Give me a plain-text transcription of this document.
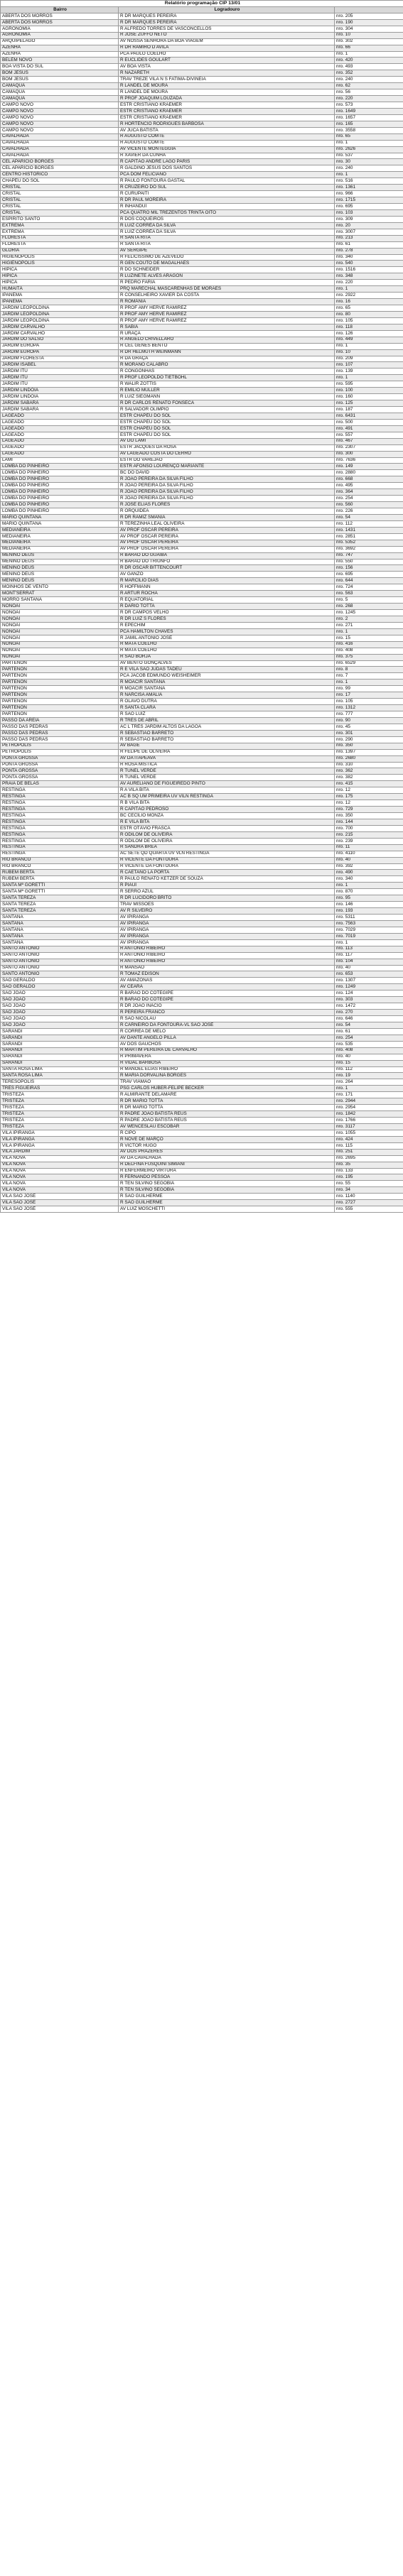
Relatório programação CIP 13/01		
Bairro	Logradouro	
ABERTA DOS MORROS	R DR MARQUES PEREIRA	nro. 205
ABERTA DOS MORROS	R DR MARQUES PEREIRA	nro. 190
AGRONOMIA	R ALFREDO TORRES DE VASCONCELLOS	nro. 304
AGRONOMIA	R JOSÉ ZUFFO NETO	nro. 10
ARQUIPÉLAGO	AV NOSSA SENHORA DA BOA VIAGEM	nro. 302
AZENHA	R DR RAMIRO D AVILA	nro. 66
AZENHA	PCA PAULO COELHO	nro. 1
BELÉM NOVO	R EUCLIDES GOULART	nro. 420
BOA VISTA DO SUL	AV BOA VISTA	nro. 493
BOM JESUS	R NAZARETH	nro. 352
BOM JESUS	TRAV TREZE VILA N S FATIMA-DIVINEIA	nro. 240
CAMAQUÃ	R LANDEL DE MOURA	nro. 62
CAMAQUÃ	R LANDEL DE MOURA	nro. 56
CAMAQUÃ	R PROF JOAQUIM LOUZADA	nro. 220
CAMPO NOVO	ESTR CRISTIANO KRAEMER	nro. 573
CAMPO NOVO	ESTR CRISTIANO KRAEMER	nro. 1649
CAMPO NOVO	ESTR CRISTIANO KRAEMER	nro. 1657
CAMPO NOVO	R HORTÊNCIO RODRIGUES BARBOSA	nro. 165
CAMPO NOVO	AV JUCA BATISTA	nro. 3558
CAVALHADA	R AUGUSTO COMTE	nro. 65
CAVALHADA	R AUGUSTO COMTE	nro. 1
CAVALHADA	AV VICENTE MONTEGGIA	nro. 2626
CAVALHADA	R XAVIER DA CUNHA	nro. 537
CEL APARÍCIO BORGES	R CAPITÃO ANDRÉ LAGO PARIS	nro. 30
CEL APARÍCIO BORGES	R GALDINO JESUS DOS SANTOS	nro. 240
CENTRO HISTÓRICO	PCA DOM FELICIANO	nro. 1
CHAPÉU DO SOL	R PAULO FONTOURA GASTAL	nro. 516
CRISTAL	R CRUZEIRO DO SUL	nro. 1361
CRISTAL	R CURUPAITI	nro. 966
CRISTAL	R DR PAUL MOREIRA	nro. 1715
CRISTAL	R INHANDUÍ	nro. 695
CRISTAL	PCA QUATRO MIL TREZENTOS TRINTA OITO	nro. 103
ESPÍRITO SANTO	R DOS COQUEIROS	nro. 309
EXTREMA	R LUIZ CORRÊA DA SILVA	nro. 20
EXTREMA	R LUIZ CORRÊA DA SILVA	nro. 3007
FLORESTA	R SANTA RITA	nro. 213
FLORESTA	R SANTA RITA	nro. 61
GLÓRIA	AV SERGIPE	nro. 278
HIGIENÓPOLIS	R FELICÍSSIMO DE AZEVEDO	nro. 340
HIGIENÓPOLIS	R GEN COUTO DE MAGALHÃES	nro. 540
HÍPICA	R DO SCHNEIDER	nro. 1516
HÍPICA	R LUZINETE ALVES ARAGON	nro. 348
HÍPICA	R PEDRO FARIA	nro. 220
HUMAITÁ	PRQ MARECHAL MASCARENHAS DE MORAES	nro. 1
IPANEMA	R CONSELHEIRO XAVIER DA COSTA	nro. 2922
IPANEMA	R ROMÂNIA	nro. 16
JARDIM LEOPOLDINA	R PROF AMY HERVÉ RAMIREZ	nro. 65
JARDIM LEOPOLDINA	R PROF AMY HERVÉ RAMIREZ	nro. 80
JARDIM LEOPOLDINA	R PROF AMY HERVÉ RAMIREZ	nro. 105
JARDIM CARVALHO	R SABIÁ	nro. 118
JARDIM CARVALHO	R URAÇA	nro. 126
JARDIM DO SALSO	R ÂNGELO CRIVELLARO	nro. 449
JARDIM EUROPA	R CEL GENES BENTO	nro. 1
JARDIM EUROPA	R DR HELMUTH WEINMANN	nro. 10
JARDIM FLORESTA	R DA GRAÇA	nro. 209
JARDIM ISABEL	R MORANO CALABRO	nro. 107
JARDIM ITU	R CONGONHAS	nro. 139
JARDIM ITU	R PROF LEOPOLDO TIETBOHL	nro. 1
JARDIM ITU	R WALIR ZOTTIS	nro. 595
JARDIM LINDÓIA	R EMÍLIO MÜLLER	nro. 100
JARDIM LINDÓIA	R LUIZ SIEGMANN	nro. 160
JARDIM SABARÁ	R DR CARLOS RENATO FONSECA	nro. 125
JARDIM SABARÁ	R SALVADOR OLIMPIO	nro. 187
LAGEADO	ESTR CHAPÉU DO SOL	nro. 6431
LAGEADO	ESTR CHAPÉU DO SOL	nro. 500
LAGEADO	ESTR CHAPÉU DO SOL	nro. 491
LAGEADO	ESTR CHAPÉU DO SOL	nro. 557
LAGEADO	AV DO LAMI	nro. 467
LAGEADO	ESTR JACQUES DA ROSA	nro. 2307
LAGEADO	AV LAGEADO COSTA DO CERRO	nro. 300
LAMI	ESTR DO VAREJÃO	nro. 7636
LOMBA DO PINHEIRO	ESTR AFONSO LOURENÇO MARIANTE	nro. 149
LOMBA DO PINHEIRO	BC DO DAVID	nro. 2880
LOMBA DO PINHEIRO	R JOÃO PEREIRA DA SILVA FILHO	nro. 668
LOMBA DO PINHEIRO	R JOÃO PEREIRA DA SILVA FILHO	nro. 495
LOMBA DO PINHEIRO	R JOÃO PEREIRA DA SILVA FILHO	nro. 364
LOMBA DO PINHEIRO	R JOÃO PEREIRA DA SILVA FILHO	nro. 254
LOMBA DO PINHEIRO	R JOSÉ ELIAS FLORES	nro. 560
LOMBA DO PINHEIRO	R ORQUÍDEA	nro. 226
MÁRIO QUINTANA	R DR RAMIZ SMANIA	nro. 54
MÁRIO QUINTANA	R TEREZINHA LEAL OLIVEIRA	nro. 112
MEDIANEIRA	AV PROF OSCAR PEREIRA	nro. 1431
MEDIANEIRA	AV PROF OSCAR PEREIRA	nro. 2851
MEDIANEIRA	AV PROF OSCAR PEREIRA	nro. 5352
MEDIANEIRA	AV PROF OSCAR PEREIRA	nro. 3692
MENINO DEUS	R BARÃO DO GUAÍBA	nro. 747
MENINO DEUS	R BARÃO DO TRIUNFO	nro. 550
MENINO DEUS	R DR OSCAR BITTENCOURT	nro. 156
MENINO DEUS	AV GANZO	nro. 695
MENINO DEUS	R MARCÍLIO DIAS	nro. 644
MOINHOS DE VENTO	R HOFFMANN	nro. 724
MONT'SERRAT	R ARTUR ROCHA	nro. 563
MORRO SANTANA	R EQUATORIAL	nro. 5
NONOAI	R DARIO TOTTA	nro. 268
NONOAI	R DR CAMPOS VELHO	nro. 1245
NONOAI	R DR LUIZ S FLORES	nro. 2
NONOAI	R EPECHIM	nro. 271
NONOAI	PCA HAMILTON CHAVES	nro. 1
NONOAI	R JAMIL ANTÔNIO JOSÉ	nro. 15
NONOAI	R MATA COELHO	nro. 416
NONOAI	R MATA COELHO	nro. 408
NONOAI	R SÃO BORJA	nro. 375
PARTENON	AV BENTO GONÇALVES	nro. 6529
PARTENON	R E VILA SÃO JUDAS TADEU	nro. 8
PARTENON	PCA JACOB EDMUNDO WEISHEIMER	nro. 7
PARTENON	R MOACIR SANTANA	nro. 1
PARTENON	R MOACIR SANTANA	nro. 99
PARTENON	R NARCISA AMÁLIA	nro. 17
PARTENON	R OLAVO DUTRA	nro. 105
PARTENON	R SANTA CLARA	nro. 1312
PARTENON	R SÃO LUIZ	nro. 777
PASSO DA AREIA	R TRÊS DE ABRIL	nro. 90
PASSO DAS PEDRAS	AC L TRÊS JARDIM ALTOS DA LAGOA	nro. 45
PASSO DAS PEDRAS	R SEBASTIÃO BARRETO	nro. 301
PASSO DAS PEDRAS	R SEBASTIÃO BARRETO	nro. 290
PETRÓPOLIS	AV BAGÉ	nro. 350
PETRÓPOLIS	R FELIPE DE OLIVEIRA	nro. 1397
PONTA GROSSA	AV DA ITAPEAVA	nro. 2680
PONTA GROSSA	R ROSA MÍSTICA	nro. 310
PONTA GROSSA	R TÚNEL VERDE	nro. 362
PONTA GROSSA	R TÚNEL VERDE	nro. 382
PRAIA DE BELAS	AV AURELIANO DE FIGUEIREDO PINTO	nro. 415
RESTINGA	R A VILA BITA	nro. 12
RESTINGA	AC B SQ UM PRIMEIRA UV VILN RESTINGA	nro. 175
RESTINGA	R B VILA BITA	nro. 12
RESTINGA	R CAPITÃO PEDROSO	nro. 729
RESTINGA	BC CECÍLIO MONZA	nro. 350
RESTINGA	R E VILA BITA	nro. 144
RESTINGA	ESTR OTÁVIO FRASCA	nro. 700
RESTINGA	R ODILOM DE OLIVEIRA	nro. 215
RESTINGA	R ODILOM DE OLIVEIRA	nro. 239
RESTINGA	R SANDRA BREA	nro. 11
RESTINGA	AC SETE QD QUARTA UV VLN RESTINGA	nro. 4110
RIO BRANCO	R VICENTE DA FONTOURA	nro. 40
RIO BRANCO	R VICENTE DA FONTOURA	nro. 392
RUBEM BERTA	R CAETANO LA PORTA	nro. 490
RUBEM BERTA	R PAULO RENATO KETZER DE SOUZA	nro. 340
SANTA Mª GORETTI	R PIAUÍ	nro. 1
SANTA Mª GORETTI	R SERRO AZUL	nro. 870
SANTA TEREZA	R DR LUCIDORO BRITO	nro. 95
SANTA TEREZA	TRAV MISSÕES	nro. 146
SANTA TEREZA	AV R SILVEIRO	nro. 193
SANTANA	AV IPIRANGA	nro. 5311
SANTANA	AV IPIRANGA	nro. 7563
SANTANA	AV IPIRANGA	nro. 7029
SANTANA	AV IPIRANGA	nro. 7019
SANTANA	AV IPIRANGA	nro. 1
SANTO ANTÔNIO	R ANTÔNIO RIBEIRO	nro. 113
SANTO ANTÔNIO	R ANTÔNIO RIBEIRO	nro. 117
SANTO ANTÔNIO	R ANTÔNIO RIBEIRO	nro. 104
SANTO ANTÔNIO	R MANSÃO	nro. 40
SANTO ANTÔNIO	R TOMAZ EDISON	nro. 653
SÃO GERALDO	AV AMAZONAS	nro. 1307
SÃO GERALDO	AV CEARÁ	nro. 1249
SÃO JOÃO	R BARÃO DO COTEGIPE	nro. 124
SÃO JOÃO	R BARÃO DO COTEGIPE	nro. 303
SÃO JOÃO	R DR JOÃO INÁCIO	nro. 1472
SÃO JOÃO	R PEREIRA FRANCO	nro. 270
SÃO JOÃO	R SÃO NICOLAU	nro. 646
SÃO JOÃO	R CARNEIRO DA FONTOURA-VL SÃO JOSÉ	nro. 54
SARANDI	R CORRÊA DE MELO	nro. 61
SARANDI	AV DANTE ANGELO PILLA	nro. 254
SARANDI	AV DOS GAÚCHOS	nro. 535
SARANDI	R MARTIM PEREIRA DE CARVALHO	nro. 408
SARANDI	R PRIMAVERA	nro. 40
SARANDI	R VIDAL BARBOSA	nro. 15
SANTA ROSA LIMA	R MANOEL ELIAS RIBEIRO	nro. 112
SANTA ROSA LIMA	R MARIA DORVALINA BORGES	nro. 19
TERESÓPOLIS	TRAV VIAMÃO	nro. 264
TRÊS FIGUEIRAS	PSG CARLOS HUBER-FELIPE BECKER	nro. 1
TRISTEZA	R ALMIRANTE DELAMARE	nro. 171
TRISTEZA	R DR MARIO TOTTA	nro. 2944
TRISTEZA	R DR MARIO TOTTA	nro. 2954
TRISTEZA	R PADRE JOÃO BATISTA REUS	nro. 1842
TRISTEZA	R PADRE JOÃO BATISTA REUS	nro. 1766
TRISTEZA	AV WENCESLAU ESCOBAR	nro. 3117
VILA IPIRANGA	R CIPÓ	nro. 1055
VILA IPIRANGA	R NOVE DE MARÇO	nro. 424
VILA IPIRANGA	R VICTOR HUGO	nro. 115
VILA JARDIM	AV DOS PRAZERES	nro. 251
VILA NOVA	AV DA CAVALHADA	nro. 2695
VILA NOVA	R DELFINA FUSQUINI SIMIANI	nro. 35
VILA NOVA	R ENFERMEIRO VIRTURA	nro. 133
VILA NOVA	R FERNANDO PESSOA	nro. 195
VILA NOVA	R TEN SILVINO SEGÓBIA	nro. 55
VILA NOVA	R TEN SILVINO SEGÓBIA	nro. 34
VILA SÃO JOSÉ	R SÃO GUILHERME	nro. 1140
VILA SÃO JOSÉ	R SÃO GUILHERME	nro. 2727
VILA SÃO JOSÉ	AV LUIZ MOSCHETTI	nro. 555
